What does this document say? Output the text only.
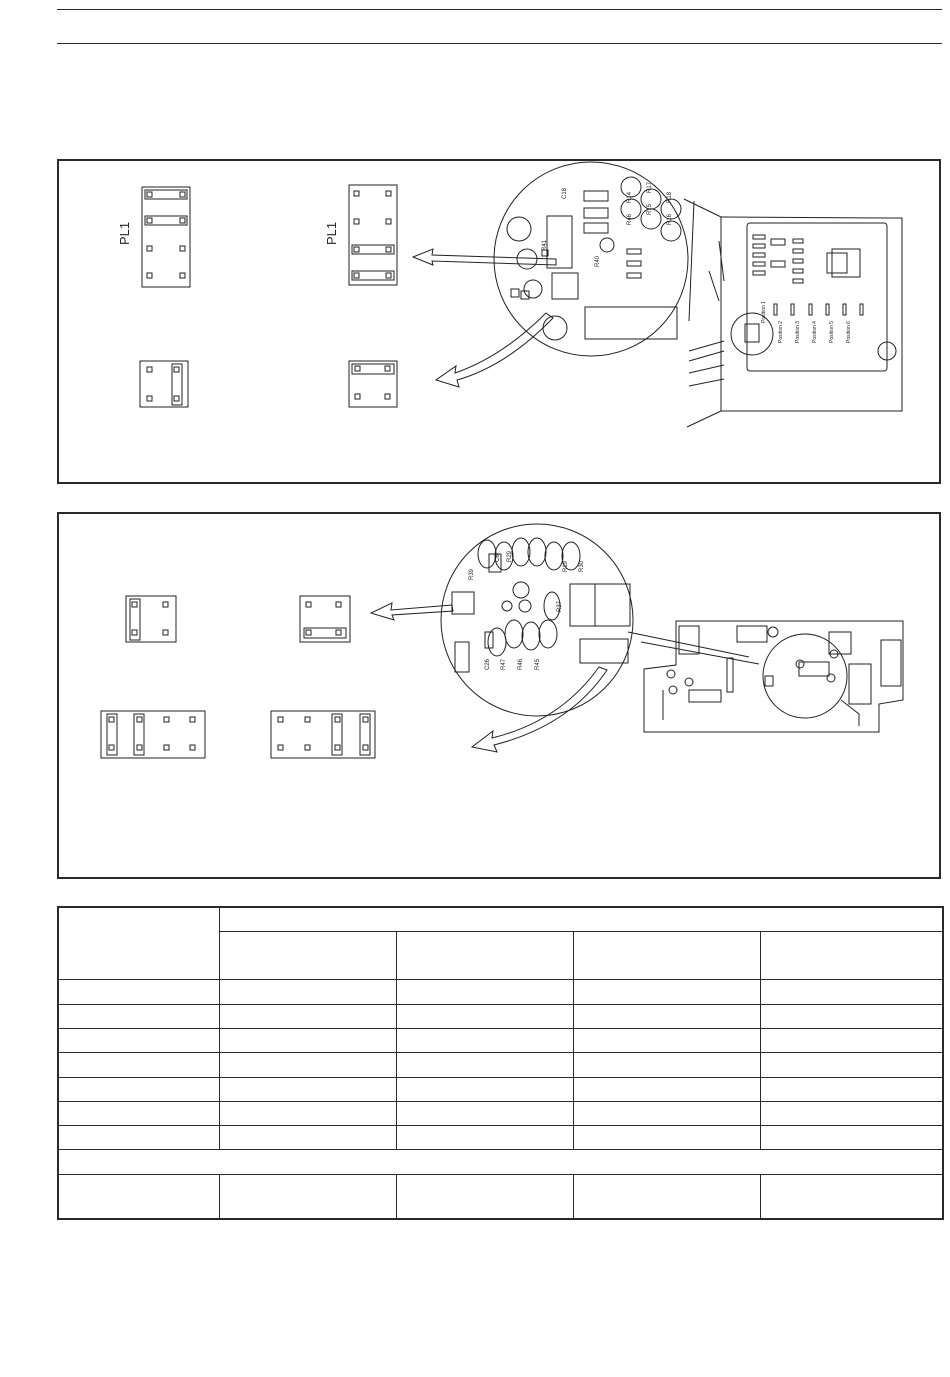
PL1	PL1
C18
R40
R41
R46
R14
R15
R16
R17
R18
Position 1
Position 2 Position 3 Position 4 Position 5 Position 6
R39
C6 R29
R37
R19 R30
C26 R47 R46 R45
